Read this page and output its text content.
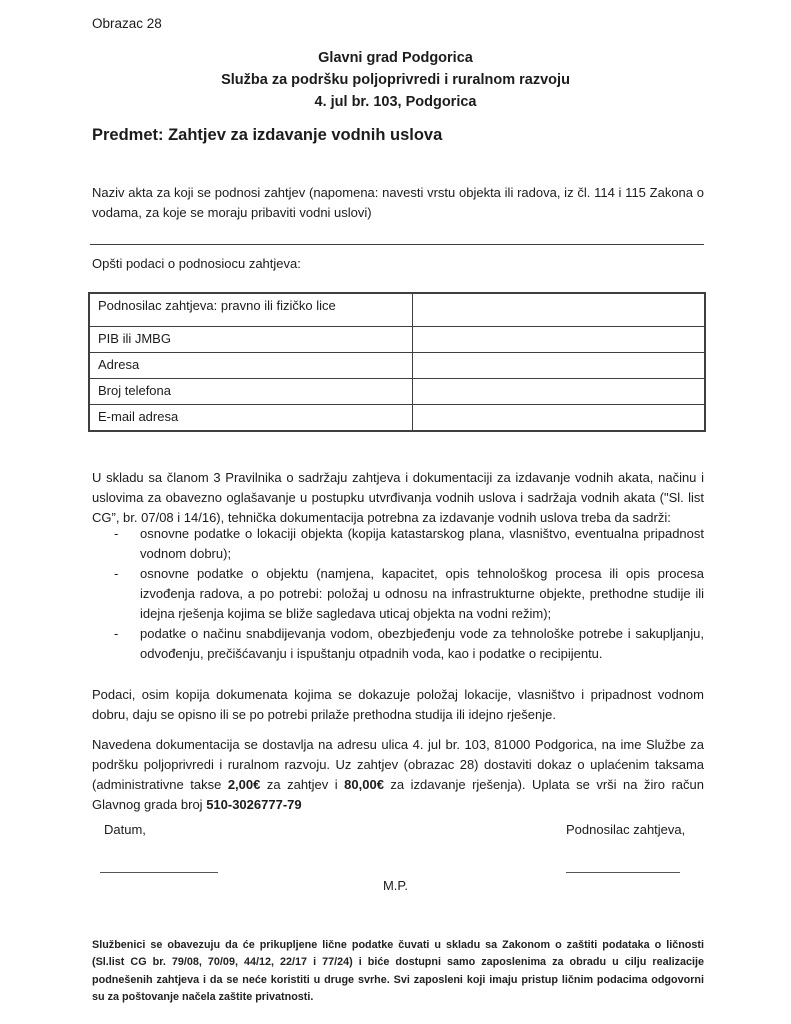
Obrazac 28
Glavni grad Podgorica
Služba za podršku poljoprivredi i ruralnom razvoju
4. jul br. 103, Podgorica
Predmet: Zahtjev za izdavanje vodnih uslova

Naziv akta za koji se podnosi zahtjev (napomena: navesti vrstu objekta ili radova, iz čl. 114 i 115 Zakona o vodama, za koje se moraju pribaviti vodni uslovi)

Opšti podaci o podnosiocu zahtjeva:
Podnosilac zahtjeva: pravno ili fizičko lice	
PIB ili JMBG	
Adresa	
Broj telefona	
E-mail adresa	

U skladu sa članom 3 Pravilnika o sadržaju zahtjeva i dokumentaciji za izdavanje vodnih akata, načinu i uslovima za obavezno oglašavanje u postupku utvrđivanja vodnih uslova i sadržaja vodnih akata ("Sl. list CG”, br. 07/08 i 14/16), tehnička dokumentacija potrebna za izdavanje vodnih uslova treba da sadrži:

-	osnovne podatke o lokaciji objekta (kopija katastarskog plana, vlasništvo, eventualna pripadnost vodnom dobru);
-	osnovne podatke o objektu (namjena, kapacitet, opis tehnološkog procesa ili opis procesa izvođenja radova, a po potrebi: položaj u odnosu na infrastrukturne objekte, prethodne studije ili idejna rješenja kojima se bliže sagledava uticaj objekta na vodni režim);
-	podatke o načinu snabdijevanja vodom, obezbjeđenju vode za tehnološke potrebe i sakupljanju, odvođenju, prečišćavanju i ispuštanju otpadnih voda, kao i podatke o recipijentu.

Podaci, osim kopija dokumenata kojima se dokazuje položaj lokacije, vlasništvo i pripadnost vodnom dobru, daju se opisno ili se po potrebi prilaže prethodna studija ili idejno rješenje.

Navedena dokumentacija se dostavlja na adresu ulica 4. jul br. 103, 81000 Podgorica, na ime Službe za podršku poljoprivredi i ruralnom razvoju. Uz zahtjev (obrazac 28) dostaviti dokaz o uplaćenim taksama (administrativne takse 2,00€ za zahtjev i 80,00€ za izdavanje rješenja). Uplata se vrši na žiro račun Glavnog grada broj 510-3026777-79

Datum,	Podnosilac zahtjeva,
M.P.

Službenici se obavezuju da će prikupljene lične podatke čuvati u skladu sa Zakonom o zaštiti podataka o ličnosti (Sl.list CG br. 79/08, 70/09, 44/12, 22/17 i 77/24) i biće dostupni samo zaposlenima za obradu u cilju realizacije podnešenih zahtjeva i da se neće koristiti u druge svrhe. Svi zaposleni koji imaju pristup ličnim podacima odgovorni su za poštovanje načela zaštite privatnosti.
